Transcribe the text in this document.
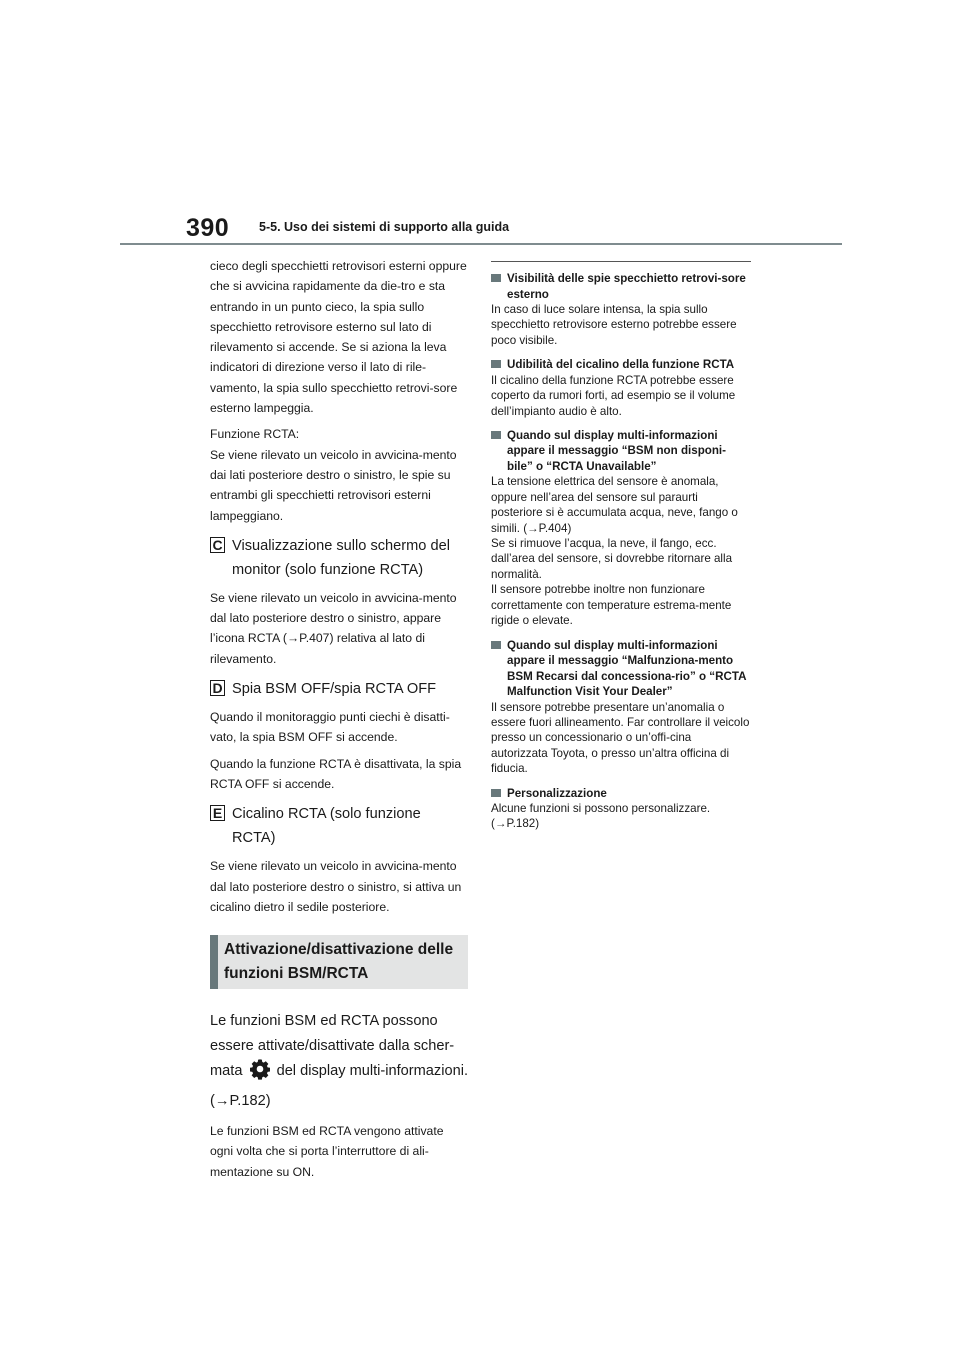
390 5-5. Uso dei sistemi di supporto alla guida

cieco degli specchietti retrovisori esterni oppure che si avvicina rapidamente da die-tro e sta entrando in un punto cieco, la spia sullo specchietto retrovisore esterno sul lato di rilevamento si accende. Se si aziona la leva indicatori di direzione verso il lato di rile-vamento, la spia sullo specchietto retrovi-sore esterno lampeggia.

Funzione RCTA:
Se viene rilevato un veicolo in avvicina-mento dai lati posteriore destro o sinistro, le spie su entrambi gli specchietti retrovisori esterni lampeggiano.

C Visualizzazione sullo schermo del monitor (solo funzione RCTA)

Se viene rilevato un veicolo in avvicina-mento dal lato posteriore destro o sinistro, appare l’icona RCTA (→P.407) relativa al lato di rilevamento.

D Spia BSM OFF/spia RCTA OFF

Quando il monitoraggio punti ciechi è disatti-vato, la spia BSM OFF si accende.

Quando la funzione RCTA è disattivata, la spia RCTA OFF si accende.

E Cicalino RCTA (solo funzione RCTA)

Se viene rilevato un veicolo in avvicina-mento dal lato posteriore destro o sinistro, si attiva un cicalino dietro il sedile posteriore.

Attivazione/disattivazione delle funzioni BSM/RCTA

Le funzioni BSM ed RCTA possono essere attivate/disattivate dalla scher-mata del display multi-informazioni. (→P.182)

Le funzioni BSM ed RCTA vengono attivate ogni volta che si porta l’interruttore di ali-mentazione su ON.

Visibilità delle spie specchietto retrovi-sore esterno

In caso di luce solare intensa, la spia sullo specchietto retrovisore esterno potrebbe essere poco visibile.

Udibilità del cicalino della funzione RCTA

Il cicalino della funzione RCTA potrebbe essere coperto da rumori forti, ad esempio se il volume dell’impianto audio è alto.

Quando sul display multi-informazioni appare il messaggio “BSM non disponi-bile” o “RCTA Unavailable”

La tensione elettrica del sensore è anomala, oppure nell’area del sensore sul paraurti posteriore si è accumulata acqua, neve, fango o simili. (→P.404)
Se si rimuove l’acqua, la neve, il fango, ecc. dall’area del sensore, si dovrebbe ritornare alla normalità.
Il sensore potrebbe inoltre non funzionare correttamente con temperature estrema-mente rigide o elevate.

Quando sul display multi-informazioni appare il messaggio “Malfunziona-mento BSM Recarsi dal concessiona-rio” o “RCTA Malfunction Visit Your Dealer”

Il sensore potrebbe presentare un’anomalia o essere fuori allineamento. Far controllare il veicolo presso un concessionario o un’offi-cina autorizzata Toyota, o presso un’altra officina di fiducia.

Personalizzazione

Alcune funzioni si possono personalizzare. (→P.182)
